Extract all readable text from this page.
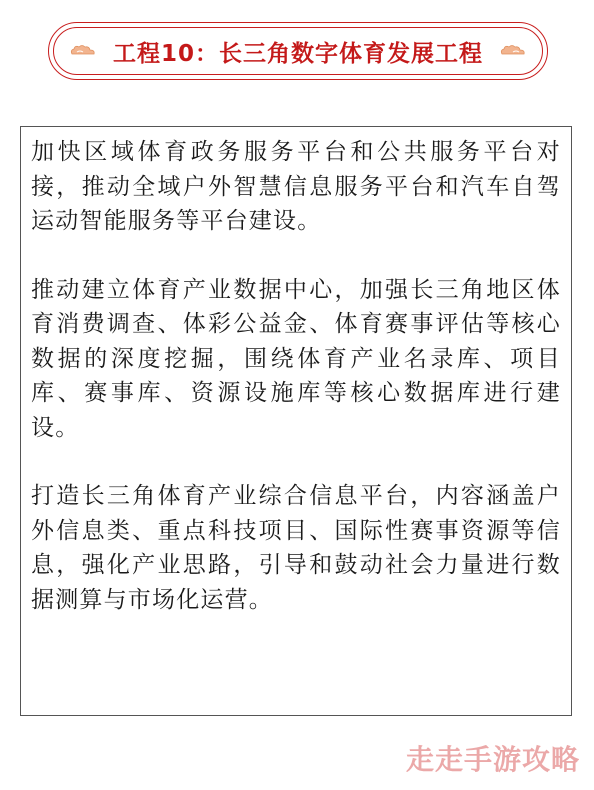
工程10：长三角数字体育发展工程

加快区域体育政务服务平台和公共服务平台对接，推动全域户外智慧信息服务平台和汽车自驾运动智能服务等平台建设。

推动建立体育产业数据中心，加强长三角地区体育消费调查、体彩公益金、体育赛事评估等核心数据的深度挖掘，围绕体育产业名录库、项目库、赛事库、资源设施库等核心数据库进行建设。

打造长三角体育产业综合信息平台，内容涵盖户外信息类、重点科技项目、国际性赛事资源等信息，强化产业思路，引导和鼓动社会力量进行数据测算与市场化运营。

走走手游攻略
